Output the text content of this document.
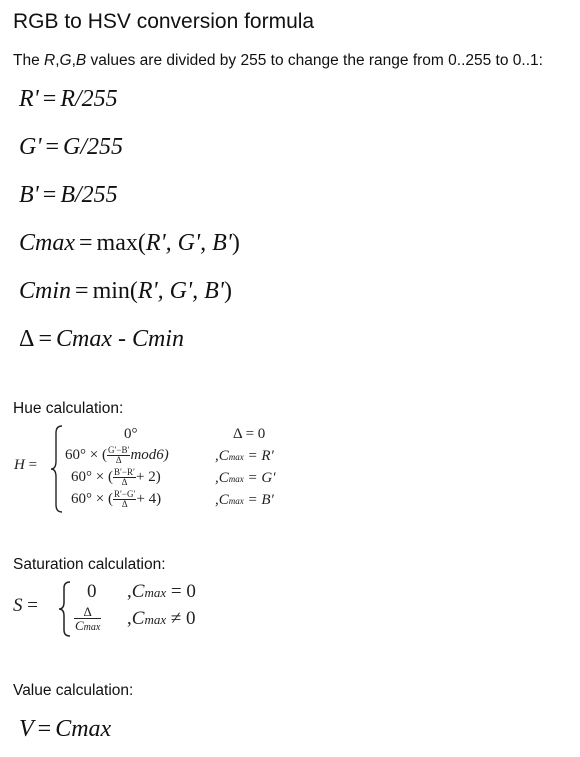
RGB to HSV conversion formula
The R,G,B values are divided by 255 to change the range from 0..255 to 0..1:
R' = R/255
G' = G/255
B' = B/255
Cmax = max(R', G', B')
Cmin = min(R', G', B')
Δ = Cmax - Cmin
Hue calculation:
H =
0°	Δ = 0
60° × ( $\frac{G'-B'}{\Delta} mod6$)	,Cmax = R′
60° × ( $\frac{B'-R'}{\Delta} + 2$)	,Cmax = G′
60° × ( $\frac{R'-G'}{\Delta} + 4$)	,Cmax = B′
Saturation calculation:
S =
0 ,Cmax = 0
$\frac{\Delta}{Cmax} ,Cmax \ne 0$
Value calculation:
V = Cmax
